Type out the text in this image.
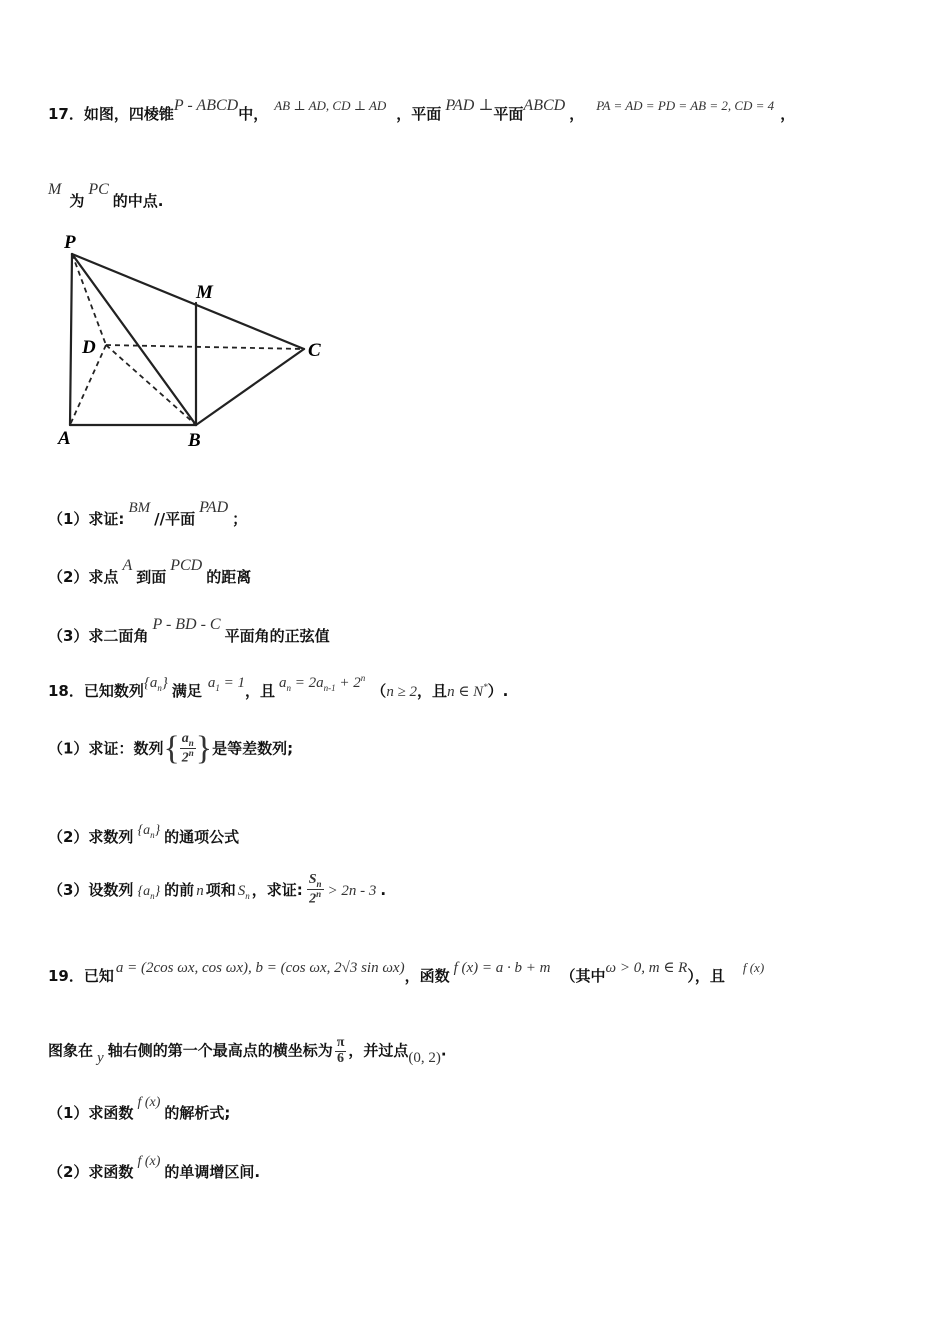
17．如图，四棱锥P - ABCD中， AB ⊥ AD, CD ⊥ AD ，平面 PAD ⊥平面ABCD ， PA = AD = PD = AB = 2, CD = 4 ，
M为PC的中点.
P
M
D	C
A	B
（1）求证:BM//平面PAD；
（2）求点A到面PCD的距离
（3）求二面角P - BD - C平面角的正弦值
18．已知数列$\{a_n\}$ 满足 $a_1 = 1$，且 $a_n = 2a_{n-1} + 2^n(n \ge 2$，且n ∈ N*）.
（1）求证：数列{ $\frac{a_n}{2^n}$ }是等差数列;
（2）求数列 $\{a_n\}$ 的通项公式
（3）设数列 $\{a_n\}$ 的前 n 项和 $S_n$ ，求证: $\frac{S_n}{2^n} > 2n - 3$ .
19．已知 a = (2cos ωx, cos ωx), b = (cos ωx, 2√3 sin ωx)，函数 f (x) = a · b + m （其中ω > 0, m ∈ R），且 f (x)
图象在 y 轴右侧的第一个最高点的横坐标为 $\frac{\pi}{6}$ ，并过点(0, 2).
（1）求函数f (x)的解析式;
（2）求函数f (x)的单调增区间.
